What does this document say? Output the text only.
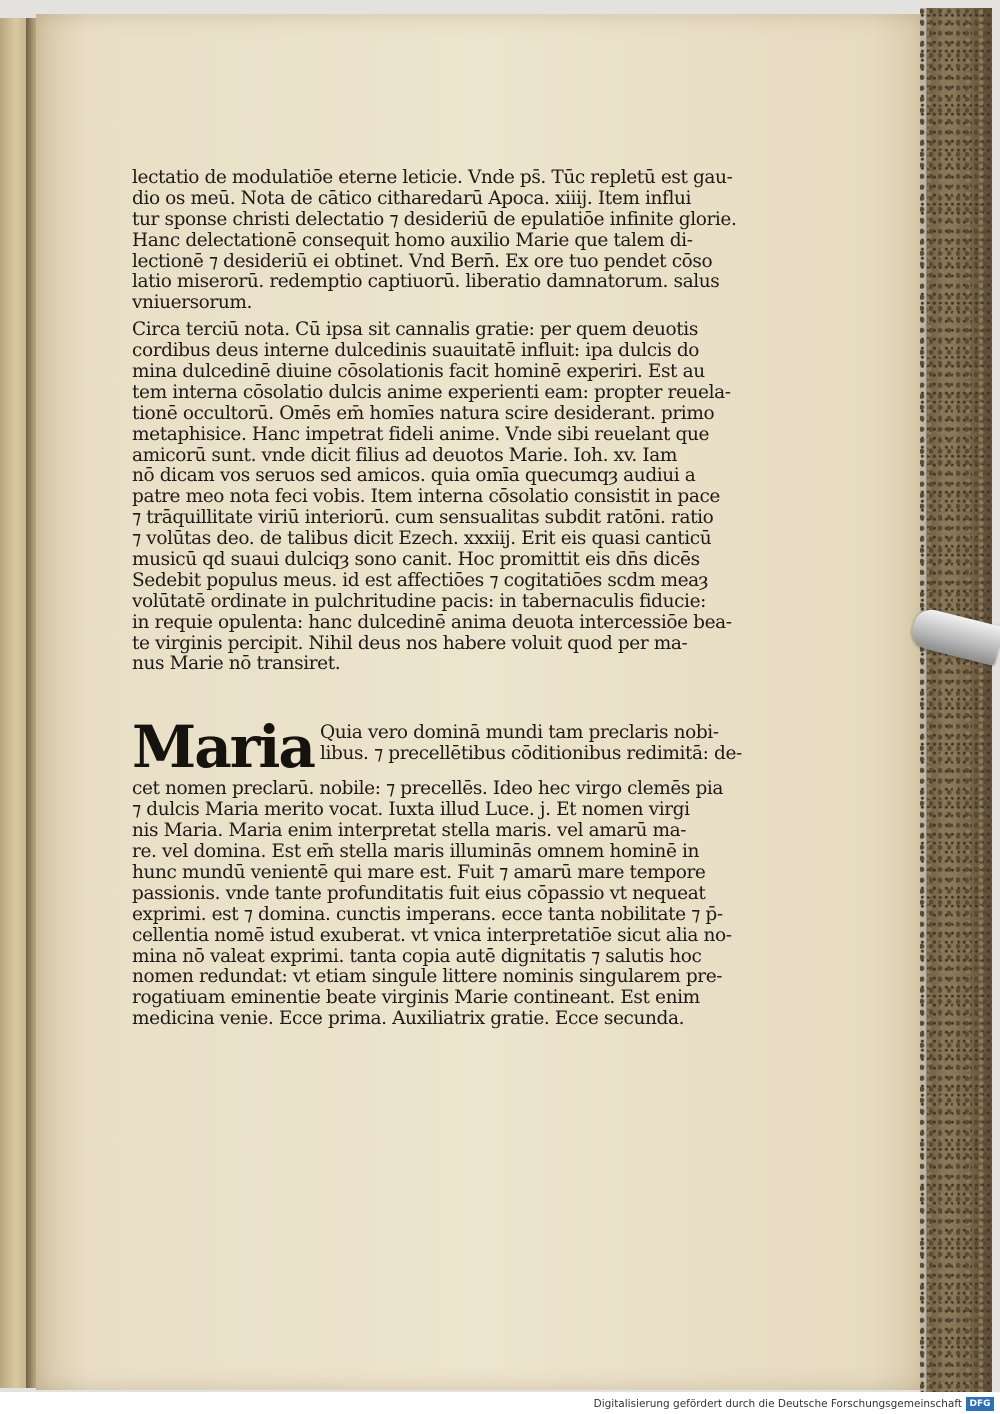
lectatio de modulatiōe eterne leticie. Vnde ps̄. Tūc repletū est gau-
dio os meū. Nota de cātico citharedarū Apoca. xiiij. Item influi
tur sponse christi delectatio ⁊ desideriū de epulatiōe infinite glorie.
Hanc delectationē consequit̄ homo auxilio Marie que talem di-
lectionē ⁊ desideriū ei obtinet. Vnd̄ Bern̄. Ex ore tuo pendet cōso
latio miserorū. redemptio captiuorū. liberatio damnatorum. salus
vniuersorum.
Circa terciū nota. Cū ipsa sit cannalis gratie: per quem deuotis
cordibus deus interne dulcedinis suauitatē influit: ipa dulcis do
mina dulcedinē diuine cōsolationis facit hominē experiri. Est au
tem interna cōsolatio dulcis anime experienti eam: propter reuela-
tionē occultorū. Omēs em̄ homīes natura scire desiderant. primo
metaphisice. Hanc impetrat fideli anime. Vnde sibi reuelant̄ que
amicorū sunt. vnde dicit filius ad deuotos Marie. Ioh. xv. Iam
nō dicam vos seruos sed amicos. quia omīa quecumqȝ audiui a
patre meo nota feci vobis. Item interna cōsolatio consistit in pace
⁊ trāquillitate viriū interiorū. cum sensualitas subdit̄ ratōni. ratio
⁊ volūtas deo. de talibus dicit̄ Ezech. xxxiij. Erit eis quasi canticū
musicū qd̄ suaui dulciqȝ sono canit̄. Hoc promittit eis dn̄s dicēs
Sedebit populus meus. id est affectiōes ⁊ cogitatiōes scd̄m meaȝ
volūtatē ordinate in pulchritudine pacis: in tabernaculis fiducie:
in requie opulenta: hanc dulcedinē anima deuota intercessiōe bea-
te virginis percipit. Nihil deus nos habere voluit quod per ma-
nus Marie nō transiret.
Maria Quia vero dominā mundi tam preclaris nobi-
libus. ⁊ precellētibus cōditionibus redimitā: de-
cet nomen preclarū. nobile: ⁊ precellēs. Ideo hec virgo clemēs pia
⁊ dulcis Maria merito vocat̄. Iuxta illud Luce. j. Et nomen virgi
nis Maria. Maria enim interpretat̄ stella maris. vel amarū ma-
re. vel domina. Est em̄ stella maris illuminās omnem hominē in
hunc mundū venientē qui mare est. Fuit ⁊ amarū mare tempore
passionis. vnde tante profunditatis fuit eius cōpassio vt nequeat
exprimi. est ⁊ domina. cunctis imperans. ecce tanta nobilitate ⁊ p̄-
cellentia nomē istud exuberat. vt vnica interpretatiōe sicut alia no-
mina nō valeat exprimi. tanta copia autē dignitatis ⁊ salutis hoc
nomen redundat: vt etiam singule littere nominis singularem pre-
rogatiuam eminentie beate virginis Marie contineant. Est enim
medicina venie. Ecce prima. Auxiliatrix gratie. Ecce secunda.
Digitalisierung gefördert durch die Deutsche Forschungsgemeinschaft DFG
